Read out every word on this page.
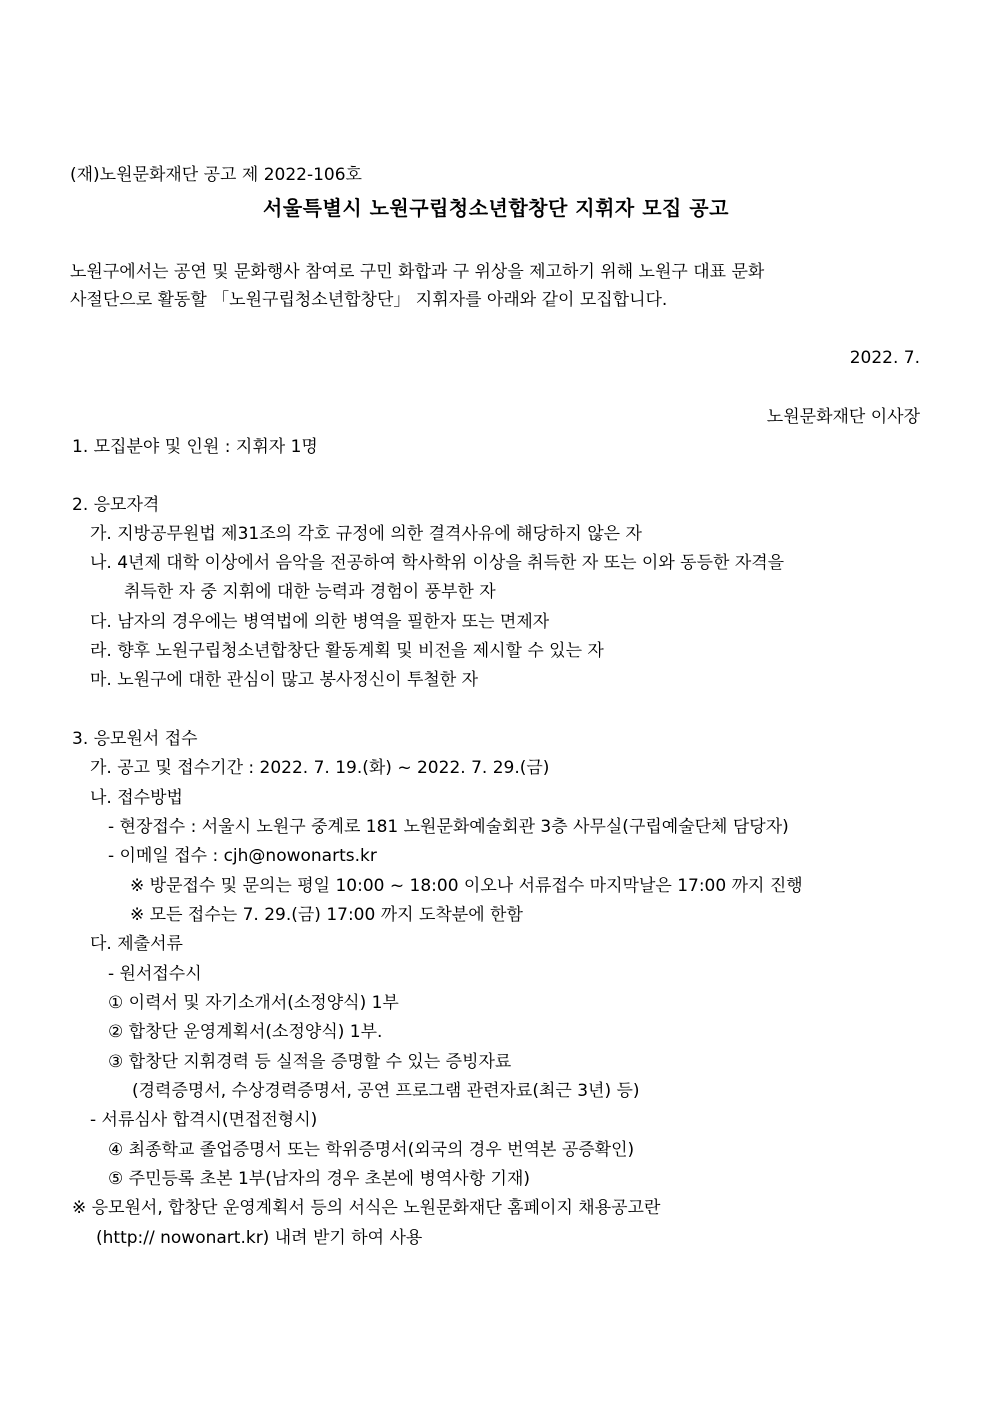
(재)노원문화재단 공고 제 2022-106호
서울특별시 노원구립청소년합창단 지휘자 모집 공고
노원구에서는 공연 및 문화행사 참여로 구민 화합과 구 위상을 제고하기 위해 노원구 대표 문화
사절단으로 활동할 「노원구립청소년합창단」 지휘자를 아래와 같이 모집합니다.
2022. 7.
노원문화재단 이사장
1. 모집분야 및 인원 : 지휘자 1명
2. 응모자격
가. 지방공무원법 제31조의 각호 규정에 의한 결격사유에 해당하지 않은 자
나. 4년제 대학 이상에서 음악을 전공하여 학사학위 이상을 취득한 자 또는 이와 동등한 자격을
취득한 자 중 지휘에 대한 능력과 경험이 풍부한 자
다. 남자의 경우에는 병역법에 의한 병역을 필한자 또는 면제자
라. 향후 노원구립청소년합창단 활동계획 및 비전을 제시할 수 있는 자
마. 노원구에 대한 관심이 많고 봉사정신이 투철한 자
3. 응모원서 접수
가. 공고 및 접수기간 : 2022. 7. 19.(화) ~ 2022. 7. 29.(금)
나. 접수방법
- 현장접수 : 서울시 노원구 중계로 181 노원문화예술회관 3층 사무실(구립예술단체 담당자)
- 이메일 접수 : cjh@nowonarts.kr
※ 방문접수 및 문의는 평일 10:00 ~ 18:00 이오나 서류접수 마지막날은 17:00 까지 진행
※ 모든 접수는 7. 29.(금) 17:00 까지 도착분에 한함
다. 제출서류
- 원서접수시
① 이력서 및 자기소개서(소정양식) 1부
② 합창단 운영계획서(소정양식) 1부.
③ 합창단 지휘경력 등 실적을 증명할 수 있는 증빙자료
(경력증명서, 수상경력증명서, 공연 프로그램 관련자료(최근 3년) 등)
- 서류심사 합격시(면접전형시)
④ 최종학교 졸업증명서 또는 학위증명서(외국의 경우 번역본 공증확인)
⑤ 주민등록 초본 1부(남자의 경우 초본에 병역사항 기재)
※ 응모원서, 합창단 운영계획서 등의 서식은 노원문화재단 홈페이지 채용공고란
(http:// nowonart.kr) 내려 받기 하여 사용
